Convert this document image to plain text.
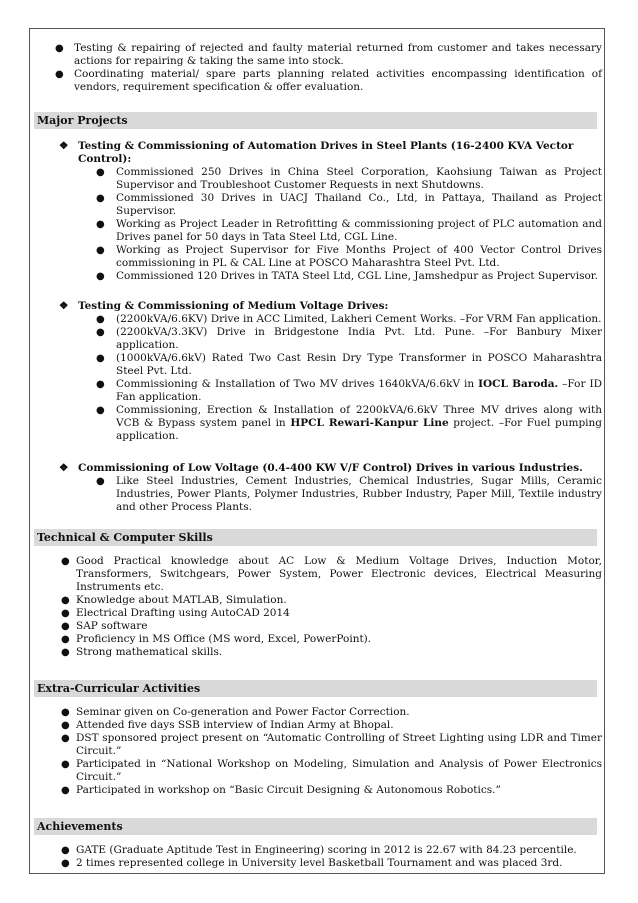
● Testing & repairing of rejected and faulty material returned from customer and takes necessary actions for repairing & taking the same into stock.
● Coordinating material/ spare parts planning related activities encompassing identification of vendors, requirement specification & offer evaluation.
Major Projects
❖ Testing & Commissioning of Automation Drives in Steel Plants (16-2400 KVA Vector Control):
● Commissioned 250 Drives in China Steel Corporation, Kaohsiung Taiwan as Project Supervisor and Troubleshoot Customer Requests in next Shutdowns.
● Commissioned 30 Drives in UACJ Thailand Co., Ltd, in Pattaya, Thailand as Project Supervisor.
● Working as Project Leader in Retrofitting & commissioning project of PLC automation and Drives panel for 50 days in Tata Steel Ltd, CGL Line.
● Working as Project Supervisor for Five Months Project of 400 Vector Control Drives commissioning in PL & CAL Line at POSCO Maharashtra Steel Pvt. Ltd.
● Commissioned 120 Drives in TATA Steel Ltd, CGL Line, Jamshedpur as Project Supervisor.
❖ Testing & Commissioning of Medium Voltage Drives:
● (2200kVA/6.6KV) Drive in ACC Limited, Lakheri Cement Works. –For VRM Fan application.
● (2200kVA/3.3KV) Drive in Bridgestone India Pvt. Ltd. Pune. –For Banbury Mixer application.
● (1000kVA/6.6kV) Rated Two Cast Resin Dry Type Transformer in POSCO Maharashtra Steel Pvt. Ltd.
● Commissioning & Installation of Two MV drives 1640kVA/6.6kV in IOCL Baroda. –For ID Fan application.
● Commissioning, Erection & Installation of 2200kVA/6.6kV Three MV drives along with VCB & Bypass system panel in HPCL Rewari-Kanpur Line project. –For Fuel pumping application.
❖ Commissioning of Low Voltage (0.4-400 KW V/F Control) Drives in various Industries.
● Like Steel Industries, Cement Industries, Chemical Industries, Sugar Mills, Ceramic Industries, Power Plants, Polymer Industries, Rubber Industry, Paper Mill, Textile industry and other Process Plants.
Technical & Computer Skills
● Good Practical knowledge about AC Low & Medium Voltage Drives, Induction Motor, Transformers, Switchgears, Power System, Power Electronic devices, Electrical Measuring Instruments etc.
● Knowledge about MATLAB, Simulation.
● Electrical Drafting using AutoCAD 2014
● SAP software
● Proficiency in MS Office (MS word, Excel, PowerPoint).
● Strong mathematical skills.
Extra-Curricular Activities
● Seminar given on Co-generation and Power Factor Correction.
● Attended five days SSB interview of Indian Army at Bhopal.
● DST sponsored project present on “Automatic Controlling of Street Lighting using LDR and Timer Circuit.”
● Participated in “National Workshop on Modeling, Simulation and Analysis of Power Electronics Circuit.”
● Participated in workshop on “Basic Circuit Designing & Autonomous Robotics.”
Achievements
● GATE (Graduate Aptitude Test in Engineering) scoring in 2012 is 22.67 with 84.23 percentile.
● 2 times represented college in University level Basketball Tournament and was placed 3rd.
